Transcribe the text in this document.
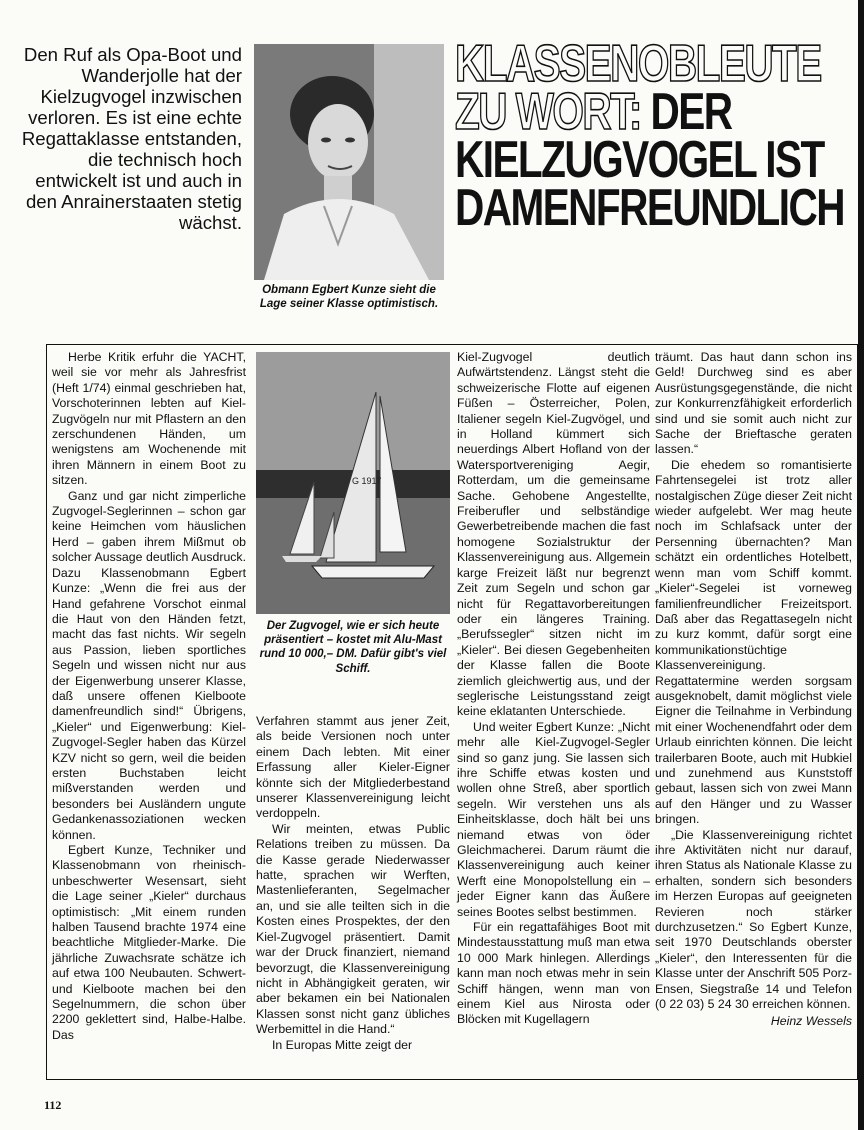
Den Ruf als Opa-Boot und Wanderjolle hat der Kielzugvogel inzwischen verloren. Es ist eine echte Regattaklasse entstanden, die technisch hoch entwickelt ist und auch in den Anrainerstaaten stetig wächst.
Obmann Egbert Kunze sieht die Lage seiner Klasse optimistisch.
KLASSENOBLEUTE
ZU WORT: DER
KIELZUGVOGEL IST
DAMENFREUNDLICH

Herbe Kritik erfuhr die YACHT, weil sie vor mehr als Jahresfrist (Heft 1/74) einmal geschrieben hat, Vorschoterinnen lebten auf Kiel-Zugvögeln nur mit Pflastern an den zerschundenen Händen, um wenigstens am Wochenende mit ihren Männern in einem Boot zu sitzen.

Ganz und gar nicht zimperliche Zugvogel-Seglerinnen – schon gar keine Heimchen vom häuslichen Herd – gaben ihrem Mißmut ob solcher Aussage deutlich Ausdruck. Dazu Klassenobmann Egbert Kunze: „Wenn die frei aus der Hand gefahrene Vorschot einmal die Haut von den Händen fetzt, macht das fast nichts. Wir segeln aus Passion, lieben sportliches Segeln und wissen nicht nur aus der Eigenwerbung unserer Klasse, daß unsere offenen Kielboote damenfreundlich sind!“ Übrigens, „Kieler“ und Eigenwerbung: Kiel-Zugvogel-Segler haben das Kürzel KZV nicht so gern, weil die beiden ersten Buchstaben leicht mißverstanden werden und besonders bei Ausländern ungute Gedankenassoziationen wecken können.

Egbert Kunze, Techniker und Klassenobmann von rheinisch-unbeschwerter Wesensart, sieht die Lage seiner „Kieler“ durchaus optimistisch: „Mit einem runden halben Tausend brachte 1974 eine beachtliche Mitglieder-Marke. Die jährliche Zuwachsrate schätze ich auf etwa 100 Neubauten. Schwert- und Kielboote machen bei den Segelnummern, die schon über 2200 geklettert sind, Halbe-Halbe. Das

G 1917
Der Zugvogel, wie er sich heute präsentiert – kostet mit Alu-Mast rund 10 000,– DM. Dafür gibt's viel Schiff.

Verfahren stammt aus jener Zeit, als beide Versionen noch unter einem Dach lebten. Mit einer Erfassung aller Kieler-Eigner könnte sich der Mitgliederbestand unserer Klassenvereinigung leicht verdoppeln.

Wir meinten, etwas Public Relations treiben zu müssen. Da die Kasse gerade Niederwasser hatte, sprachen wir Werften, Mastenlieferanten, Segelmacher an, und sie alle teilten sich in die Kosten eines Prospektes, der den Kiel-Zugvogel präsentiert. Damit war der Druck finanziert, niemand bevorzugt, die Klassenvereinigung nicht in Abhängigkeit geraten, wir aber bekamen ein bei Nationalen Klassen sonst nicht ganz übliches Werbemittel in die Hand.“

In Europas Mitte zeigt der

Kiel-Zugvogel deutlich Aufwärtstendenz. Längst steht die schweizerische Flotte auf eigenen Füßen – Österreicher, Polen, Italiener segeln Kiel-Zugvögel, und in Holland kümmert sich neuerdings Albert Hofland von der Watersportvereniging Aegir, Rotterdam, um die gemeinsame Sache. Gehobene Angestellte, Freiberufler und selbständige Gewerbetreibende machen die fast homogene Sozialstruktur der Klassenvereinigung aus. Allgemein karge Freizeit läßt nur begrenzt Zeit zum Segeln und schon gar nicht für Regattavorbereitungen oder ein längeres Training. „Berufssegler“ sitzen nicht im „Kieler“. Bei diesen Gegebenheiten der Klasse fallen die Boote ziemlich gleichwertig aus, und der seglerische Leistungsstand zeigt keine eklatanten Unterschiede.

Und weiter Egbert Kunze: „Nicht mehr alle Kiel-Zugvogel-Segler sind so ganz jung. Sie lassen sich ihre Schiffe etwas kosten und wollen ohne Streß, aber sportlich segeln. Wir verstehen uns als Einheitsklasse, doch hält bei uns niemand etwas von öder Gleichmacherei. Darum räumt die Klassenvereinigung auch keiner Werft eine Monopolstellung ein – jeder Eigner kann das Äußere seines Bootes selbst bestimmen.

Für ein regattafähiges Boot mit Mindestausstattung muß man etwa 10 000 Mark hinlegen. Allerdings kann man noch etwas mehr in sein Schiff hängen, wenn man von einem Kiel aus Nirosta oder Blöcken mit Kugellagern

träumt. Das haut dann schon ins Geld! Durchweg sind es aber Ausrüstungsgegenstände, die nicht zur Konkurrenzfähigkeit erforderlich sind und sie somit auch nicht zur Sache der Brieftasche geraten lassen.“

Die ehedem so romantisierte Fahrtensegelei ist trotz aller nostalgischen Züge dieser Zeit nicht wieder aufgelebt. Wer mag heute noch im Schlafsack unter der Persenning übernachten? Man schätzt ein ordentliches Hotelbett, wenn man vom Schiff kommt. „Kieler“-Segelei ist vorneweg familienfreundlicher Freizeitsport. Daß aber das Regattasegeln nicht zu kurz kommt, dafür sorgt eine kommunikationstüchtige Klassenvereinigung. Regattatermine werden sorgsam ausgeknobelt, damit möglichst viele Eigner die Teilnahme in Verbindung mit einer Wochenendfahrt oder dem Urlaub einrichten können. Die leicht trailerbaren Boote, auch mit Hubkiel und zunehmend aus Kunststoff gebaut, lassen sich von zwei Mann auf den Hänger und zu Wasser bringen.

„Die Klassenvereinigung richtet ihre Aktivitäten nicht nur darauf, ihren Status als Nationale Klasse zu erhalten, sondern sich besonders im Herzen Europas auf geeigneten Revieren noch stärker durchzusetzen.“ So Egbert Kunze, seit 1970 Deutschlands oberster „Kieler“, den Interessenten für die Klasse unter der Anschrift 505 Porz-Ensen, Siegstraße 14 und Telefon (0 22 03) 5 24 30 erreichen können.

Heinz Wessels
112
